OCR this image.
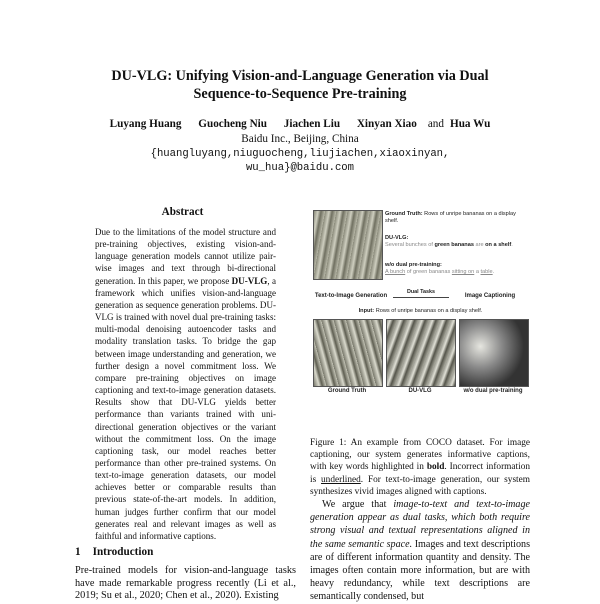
DU-VLG: Unifying Vision-and-Language Generation via Dual
Sequence-to-Sequence Pre-training
Luyang Huang Guocheng Niu Jiachen Liu Xinyan Xiao and Hua Wu
Baidu Inc., Beijing, China
{huangluyang,niuguocheng,liujiachen,xiaoxinyan,
wu_hua}@baidu.com
Abstract
Due to the limitations of the model structure and pre-training objectives, existing vision-and-language generation models cannot utilize pair-wise images and text through bi-directional generation. In this paper, we propose DU-VLG, a framework which unifies vision-and-language generation as sequence generation problems. DU-VLG is trained with novel dual pre-training tasks: multi-modal denoising autoencoder tasks and modality translation tasks. To bridge the gap between image understanding and generation, we further design a novel commitment loss. We compare pre-training objectives on image captioning and text-to-image generation datasets. Results show that DU-VLG yields better performance than variants trained with uni-directional generation objectives or the variant without the commitment loss. On the image captioning task, our model reaches better performance than other pre-trained systems. On text-to-image generation datasets, our model achieves better or comparable results than previous state-of-the-art models. In addition, human judges further confirm that our model generates real and relevant images as well as faithful and informative captions.
1 Introduction
Pre-trained models for vision-and-language tasks have made remarkable progress recently (Li et al., 2019; Su et al., 2020; Chen et al., 2020). Existing
Ground Truth: Rows of unripe bananas on a display shelf.
DU-VLG:
Several bunches of green bananas are on a shelf.
w/o dual pre-training:
A bunch of green bananas sitting on a table.
Text-to-Image Generation
Dual Tasks
Image Captioning
Input: Rows of unripe bananas on a display shelf.
Ground Truth	DU-VLG	w/o dual pre-training
Figure 1: An example from COCO dataset. For image captioning, our system generates informative captions, with key words highlighted in bold. Incorrect information is underlined. For text-to-image generation, our system synthesizes vivid images aligned with captions.
We argue that image-to-text and text-to-image generation appear as dual tasks, which both require strong visual and textual representations aligned in the same semantic space. Images and text descriptions are of different information quantity and density. The images often contain more information, but are with heavy redundancy, while text descriptions are semantically condensed, but
